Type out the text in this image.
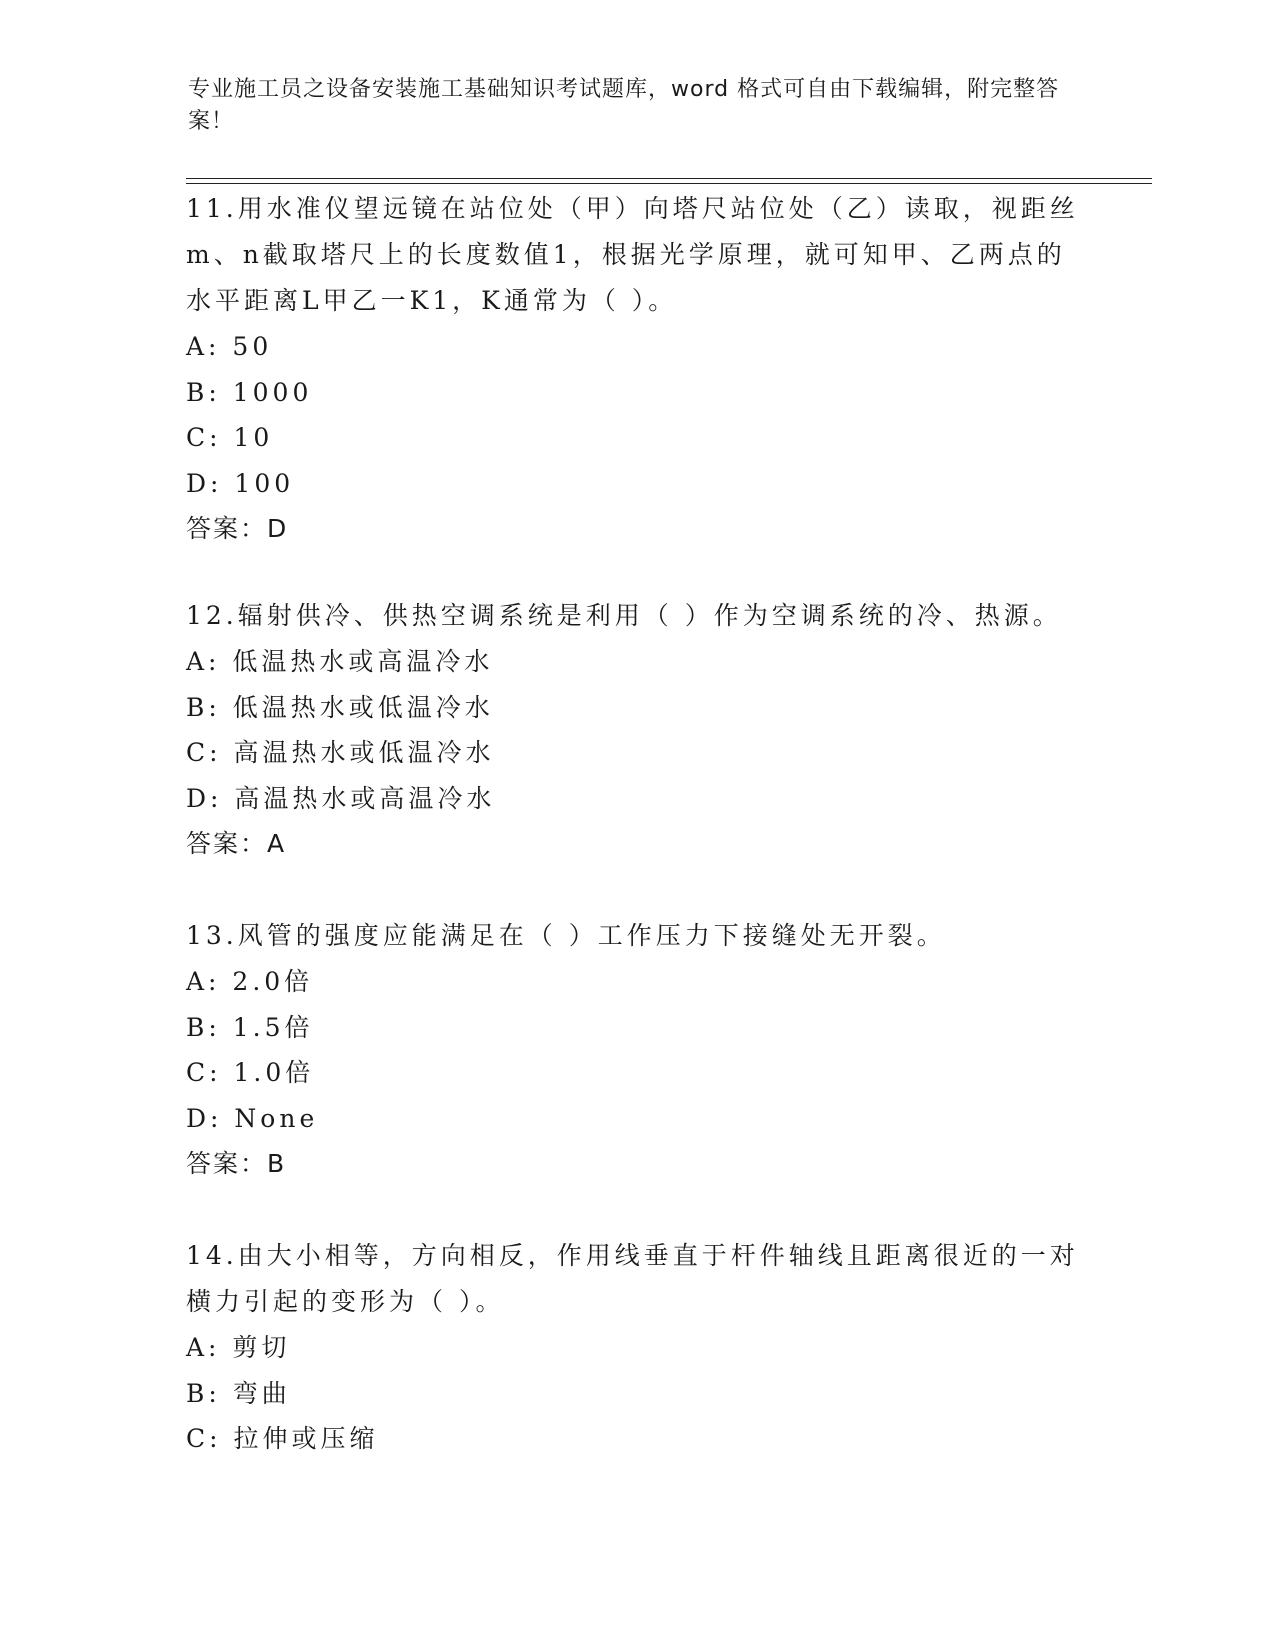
专业施工员之设备安装施工基础知识考试题库，word 格式可自由下载编辑，附完整答案！

11.用水准仪望远镜在站位处（甲）向塔尺站位处（乙）读取，视距丝m、n截取塔尺上的长度数值1，根据光学原理，就可知甲、乙两点的水平距离L甲乙一K1，K通常为（ ）。

A: 50

B: 1000

C: 10

D: 100

答案：D

12.辐射供冷、供热空调系统是利用（ ）作为空调系统的冷、热源。

A: 低温热水或高温冷水

B: 低温热水或低温冷水

C: 高温热水或低温冷水

D: 高温热水或高温冷水

答案：A

13.风管的强度应能满足在（ ）工作压力下接缝处无开裂。

A: 2.0倍

B: 1.5倍

C: 1.0倍

D: None

答案：B

14.由大小相等，方向相反，作用线垂直于杆件轴线且距离很近的一对横力引起的变形为（ ）。

A: 剪切

B: 弯曲

C: 拉伸或压缩
